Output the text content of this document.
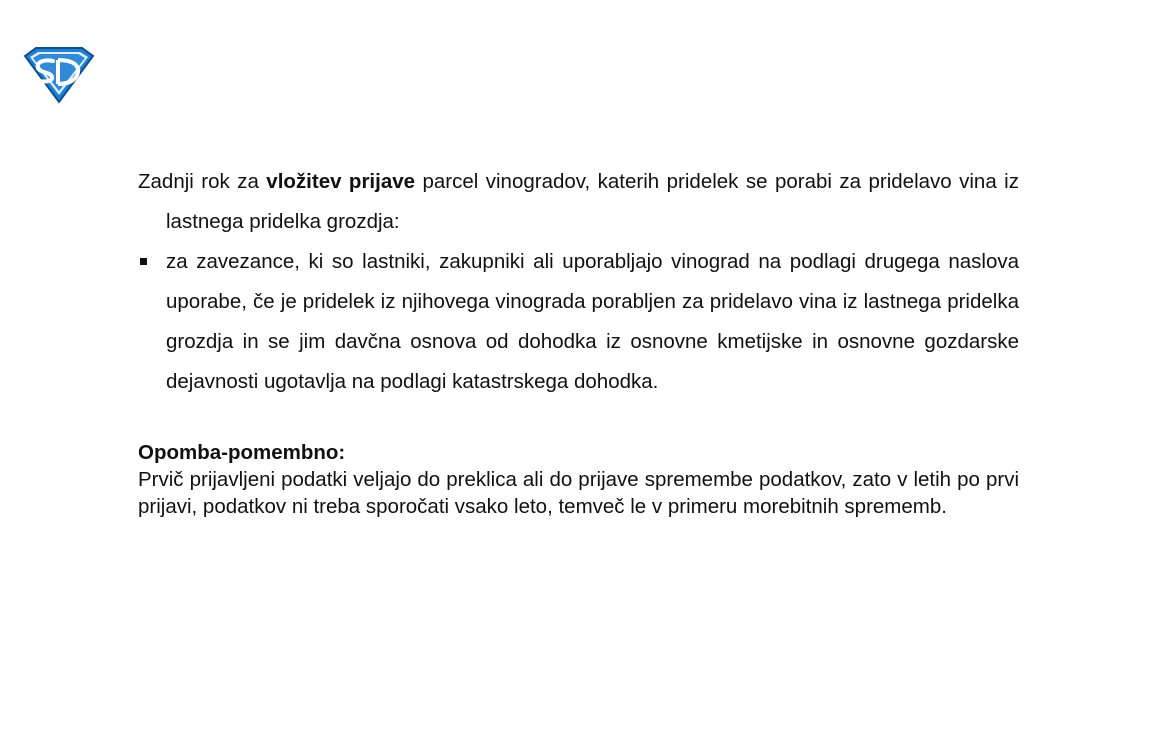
Zadnji rok za vložitev prijave parcel vinogradov, katerih pridelek se porabi za pridelavo vina iz lastnega pridelka grozdja:

za zavezance, ki so lastniki, zakupniki ali uporabljajo vinograd na podlagi drugega naslova uporabe, če je pridelek iz njihovega vinograda porabljen za pridelavo vina iz lastnega pridelka grozdja in se jim davčna osnova od dohodka iz osnovne kmetijske in osnovne gozdarske dejavnosti ugotavlja na podlagi katastrskega dohodka.
Opomba-pomembno:

Prvič prijavljeni podatki veljajo do preklica ali do prijave spremembe podatkov, zato v letih po prvi prijavi, podatkov ni treba sporočati vsako leto, temveč le v primeru morebitnih sprememb.
